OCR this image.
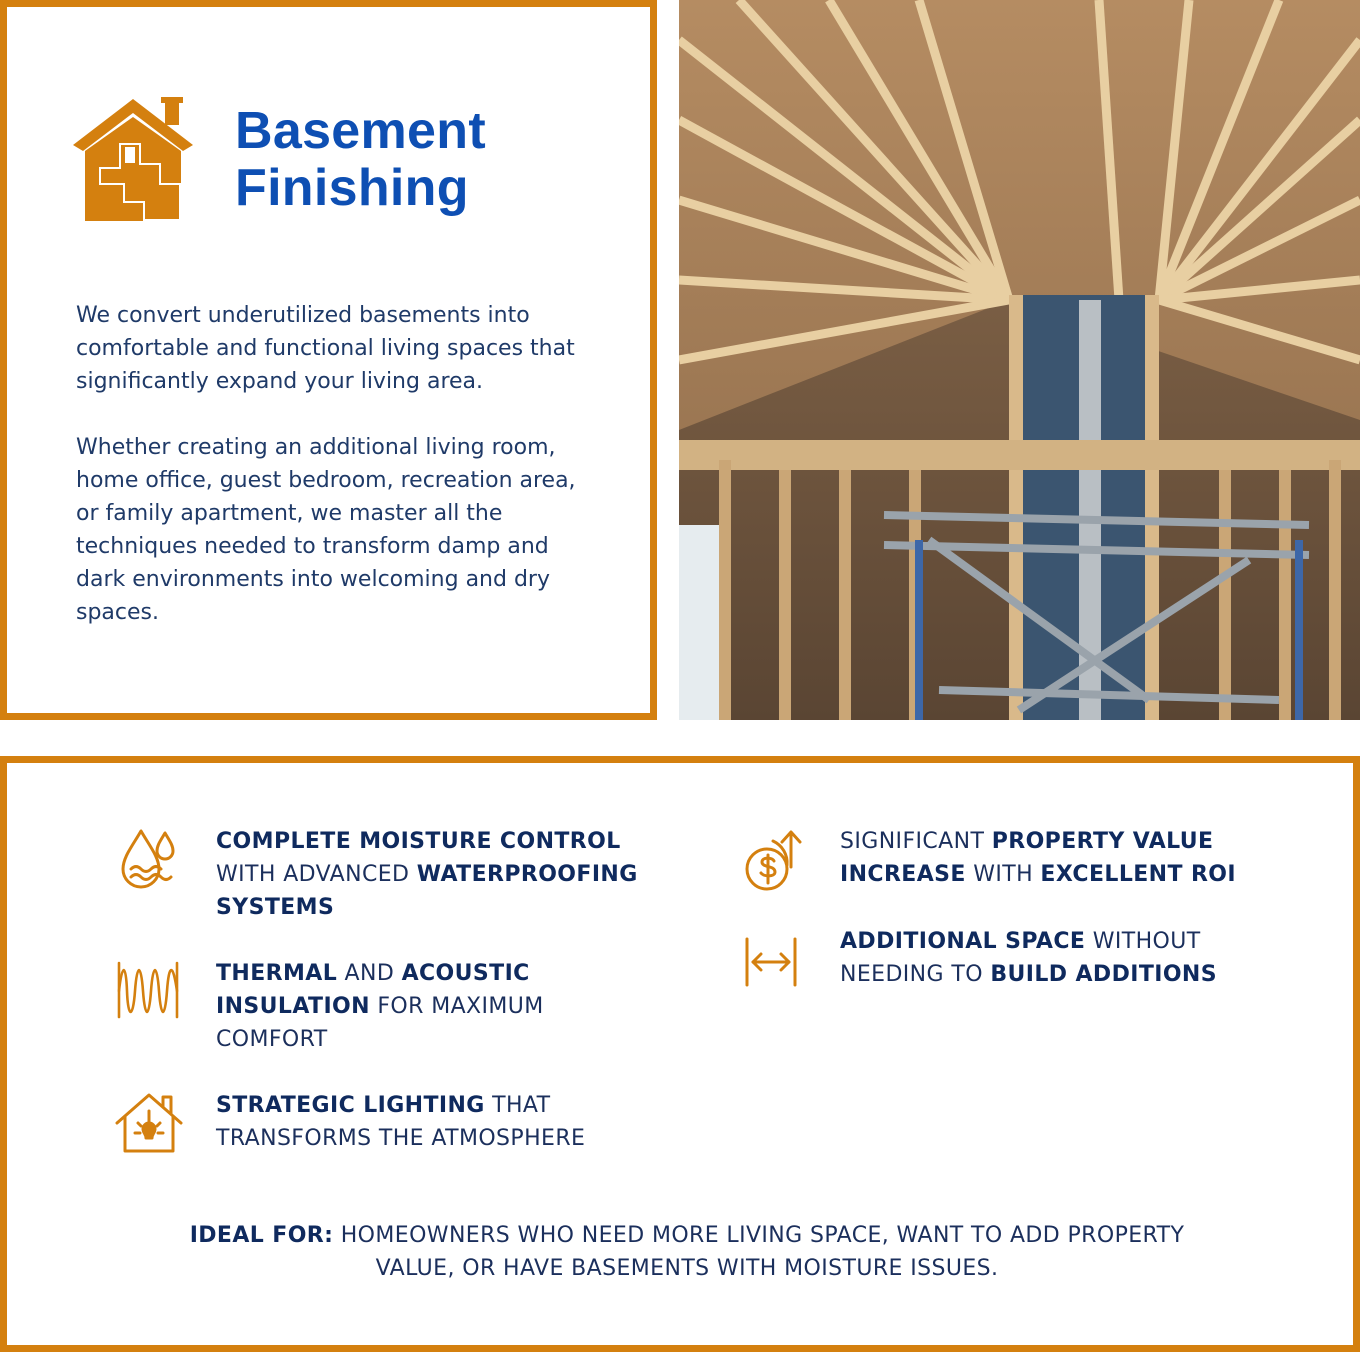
Basement
Finishing

We convert underutilized basements into comfortable and functional living spaces that significantly expand your living area.

Whether creating an additional living room, home office, guest bedroom, recreation area, or family apartment, we master all the techniques needed to transform damp and dark environments into welcoming and dry spaces.

COMPLETE MOISTURE CONTROL WITH ADVANCED WATERPROOFING SYSTEMS
THERMAL AND ACOUSTIC INSULATION FOR MAXIMUM COMFORT
STRATEGIC LIGHTING THAT TRANSFORMS THE ATMOSPHERE
SIGNIFICANT PROPERTY VALUE INCREASE WITH EXCELLENT ROI
ADDITIONAL SPACE WITHOUT NEEDING TO BUILD ADDITIONS
IDEAL FOR: HOMEOWNERS WHO NEED MORE LIVING SPACE, WANT TO ADD PROPERTY VALUE, OR HAVE BASEMENTS WITH MOISTURE ISSUES.
